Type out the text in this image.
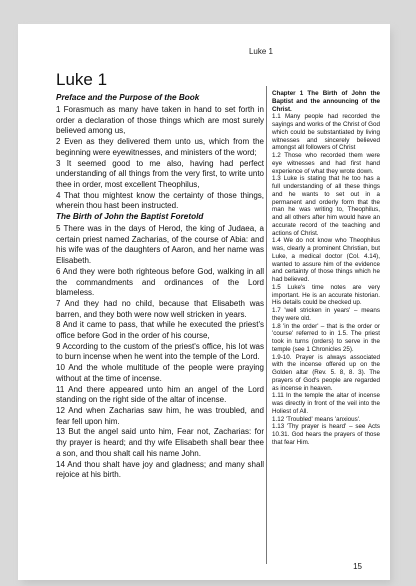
Luke 1
Luke 1
Preface and the Purpose of the Book

1 Forasmuch as many have taken in hand to set forth in order a declaration of those things which are most surely believed among us,

2 Even as they delivered them unto us, which from the beginning were eyewitnesses, and ministers of the word;

3 It seemed good to me also, having had perfect understanding of all things from the very first, to write unto thee in order, most excellent Theophilus,

4 That thou mightest know the certainty of those things, wherein thou hast been instructed.

The Birth of John the Baptist Foretold

5 There was in the days of Herod, the king of Judaea, a certain priest named Zacharias, of the course of Abia: and his wife was of the daughters of Aaron, and her name was Elisabeth.

6 And they were both righteous before God, walking in all the commandments and ordinances of the Lord blameless.

7 And they had no child, because that Elisabeth was barren, and they both were now well stricken in years.

8 And it came to pass, that while he executed the priest's office before God in the order of his course,

9 According to the custom of the priest's office, his lot was to burn incense when he went into the temple of the Lord.

10 And the whole multitude of the people were praying without at the time of incense.

11 And there appeared unto him an angel of the Lord standing on the right side of the altar of incense.

12 And when Zacharias saw him, he was troubled, and fear fell upon him.

13 But the angel said unto him, Fear not, Zacharias: for thy prayer is heard; and thy wife Elisabeth shall bear thee a son, and thou shalt call his name John.

14 And thou shalt have joy and gladness; and many shall rejoice at his birth.

Chapter 1 The Birth of John the Baptist and the announcing of the Christ.

1.1 Many people had recorded the sayings and works of the Christ of God which could be substantiated by living witnesses and sincerely believed amongst all followers of Christ

1.2 Those who recorded them were eye witnesses and had first hand experience of what they wrote down.

1.3 Luke is stating that he too has a full understanding of all these things and he wants to set out in a permanent and orderly form that the man he was writing to, Theophilus, and all others after him would have an accurate record of the teaching and actions of Christ.

1.4 We do not know who Theophilus was, clearly a prominent Christian, but Luke, a medical doctor (Col. 4.14), wanted to assure him of the evidence and certainty of those things which he had believed.

1.5 Luke's time notes are very important. He is an accurate historian. His details could be checked up.

1.7 'well stricken in years' – means they were old.

1.8 'in the order' – that is the order or 'course' referred to in 1.5. The priest took in turns (orders) to serve in the temple (see 1 Chronicles 25).

1.9-10. Prayer is always associated with the incense offered up on the Golden altar (Rev. 5. 8, 8. 3). The prayers of God's people are regarded as incense in heaven.

1.11 In the temple the altar of incense was directly in front of the veil into the Holiest of All.

1.12 'Troubled' means 'anxious'.

1.13 'Thy prayer is heard' – see Acts 10.31. God hears the prayers of those that fear Him.

15
